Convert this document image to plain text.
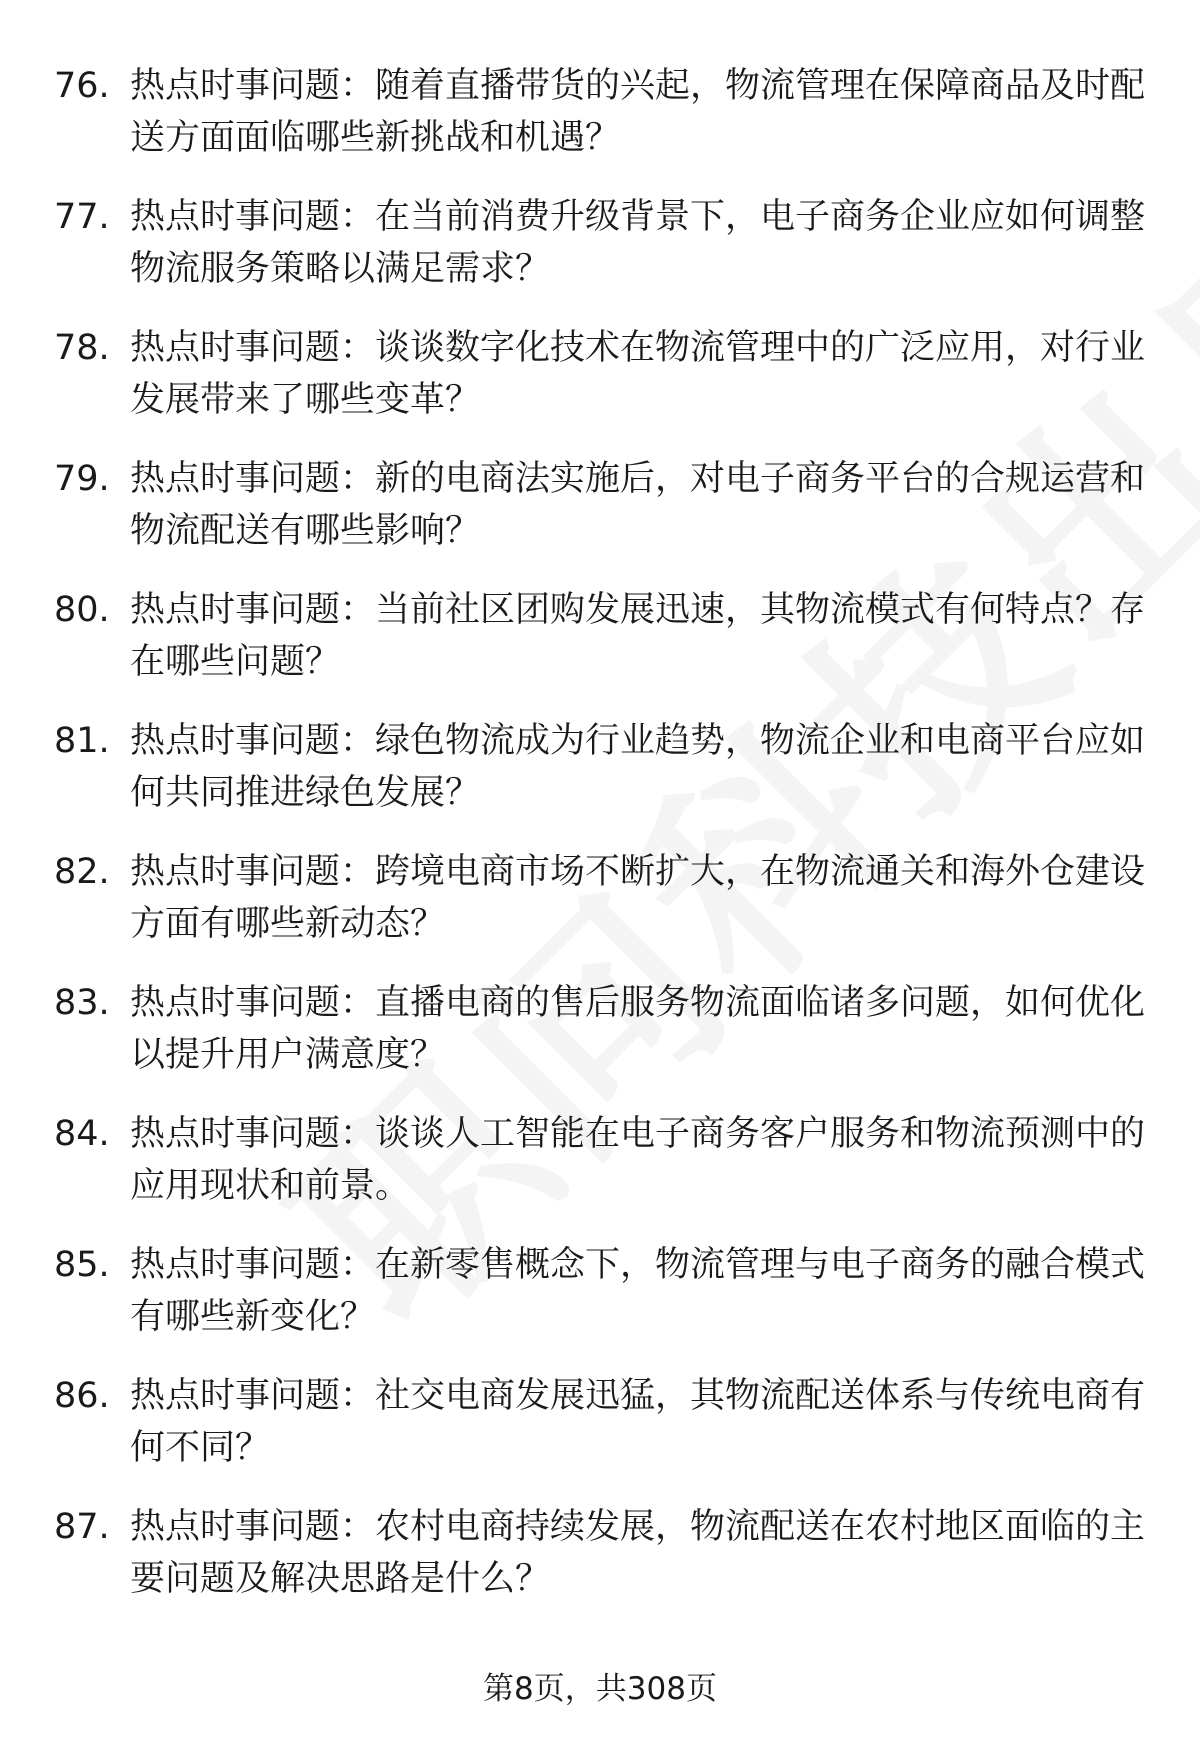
76. 热点时事问题：随着直播带货的兴起，物流管理在保障商品及时配送方面面临哪些新挑战和机遇？
77. 热点时事问题：在当前消费升级背景下，电子商务企业应如何调整物流服务策略以满足需求？
78. 热点时事问题：谈谈数字化技术在物流管理中的广泛应用，对行业发展带来了哪些变革？
79. 热点时事问题：新的电商法实施后，对电子商务平台的合规运营和物流配送有哪些影响？
80. 热点时事问题：当前社区团购发展迅速，其物流模式有何特点？存在哪些问题？
81. 热点时事问题：绿色物流成为行业趋势，物流企业和电商平台应如何共同推进绿色发展？
82. 热点时事问题：跨境电商市场不断扩大，在物流通关和海外仓建设方面有哪些新动态？
83. 热点时事问题：直播电商的售后服务物流面临诸多问题，如何优化以提升用户满意度？
84. 热点时事问题：谈谈人工智能在电子商务客户服务和物流预测中的应用现状和前景。
85. 热点时事问题：在新零售概念下，物流管理与电子商务的融合模式有哪些新变化？
86. 热点时事问题：社交电商发展迅猛，其物流配送体系与传统电商有何不同？
87. 热点时事问题：农村电商持续发展，物流配送在农村地区面临的主要问题及解决思路是什么？
第8页，共308页
